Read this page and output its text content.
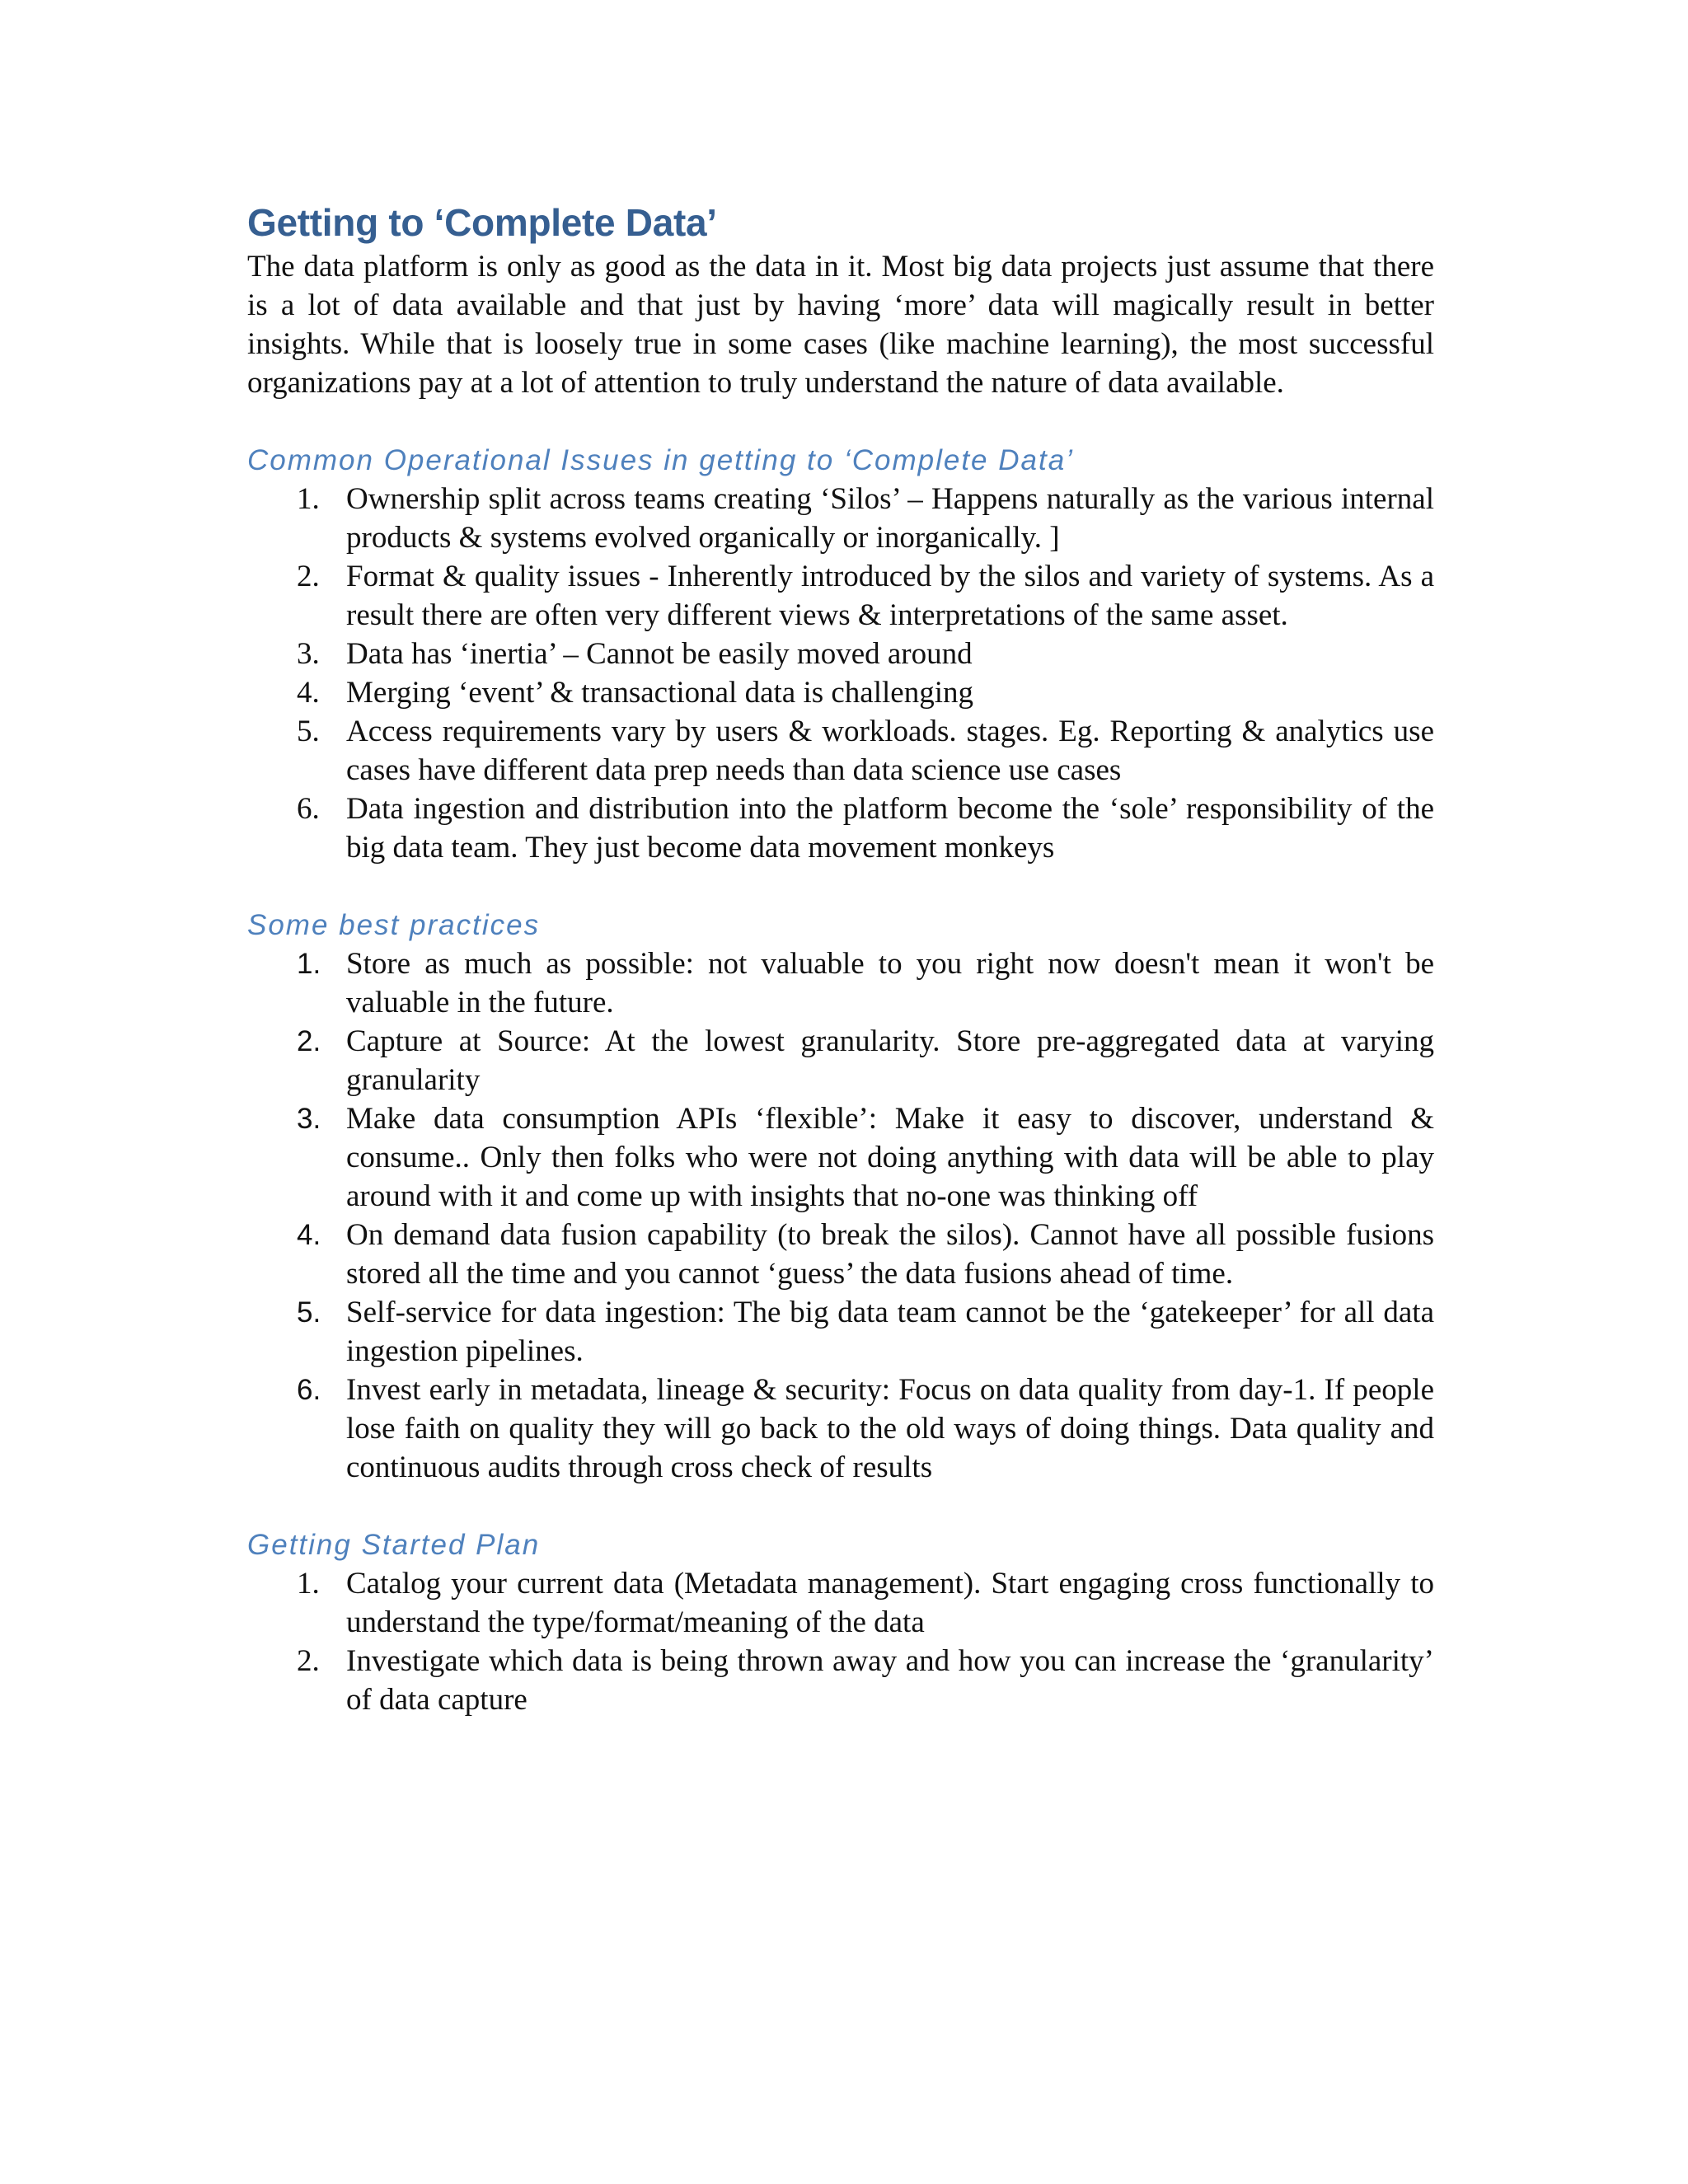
Getting to ‘Complete Data’

The data platform is only as good as the data in it. Most big data projects just assume that there is a lot of data available and that just by having ‘more’ data will magically result in better insights. While that is loosely true in some cases (like machine learning), the most successful organizations pay at a lot of attention to truly understand the nature of data available.

Common Operational Issues in getting to ‘Complete Data’
1. Ownership split across teams creating ‘Silos’ – Happens naturally as the various internal products & systems evolved organically or inorganically. ]
2. Format & quality issues - Inherently introduced by the silos and variety of systems. As a result there are often very different views & interpretations of the same asset.
3. Data has ‘inertia’ – Cannot be easily moved around
4. Merging ‘event’ & transactional data is challenging
5. Access requirements vary by users & workloads. stages. Eg. Reporting & analytics use cases have different data prep needs than data science use cases
6. Data ingestion and distribution into the platform become the ‘sole’ responsibility of the big data team. They just become data movement monkeys
Some best practices
1. Store as much as possible: not valuable to you right now doesn't mean it won't be valuable in the future.
2. Capture at Source: At the lowest granularity. Store pre-aggregated data at varying granularity
3. Make data consumption APIs ‘flexible’: Make it easy to discover, understand & consume.. Only then folks who were not doing anything with data will be able to play around with it and come up with insights that no-one was thinking off
4. On demand data fusion capability (to break the silos). Cannot have all possible fusions stored all the time and you cannot ‘guess’ the data fusions ahead of time.
5. Self-service for data ingestion: The big data team cannot be the ‘gatekeeper’ for all data ingestion pipelines.
6. Invest early in metadata, lineage & security: Focus on data quality from day-1. If people lose faith on quality they will go back to the old ways of doing things. Data quality and continuous audits through cross check of results
Getting Started Plan
1. Catalog your current data (Metadata management). Start engaging cross functionally to understand the type/format/meaning of the data
2. Investigate which data is being thrown away and how you can increase the ‘granularity’ of data capture
